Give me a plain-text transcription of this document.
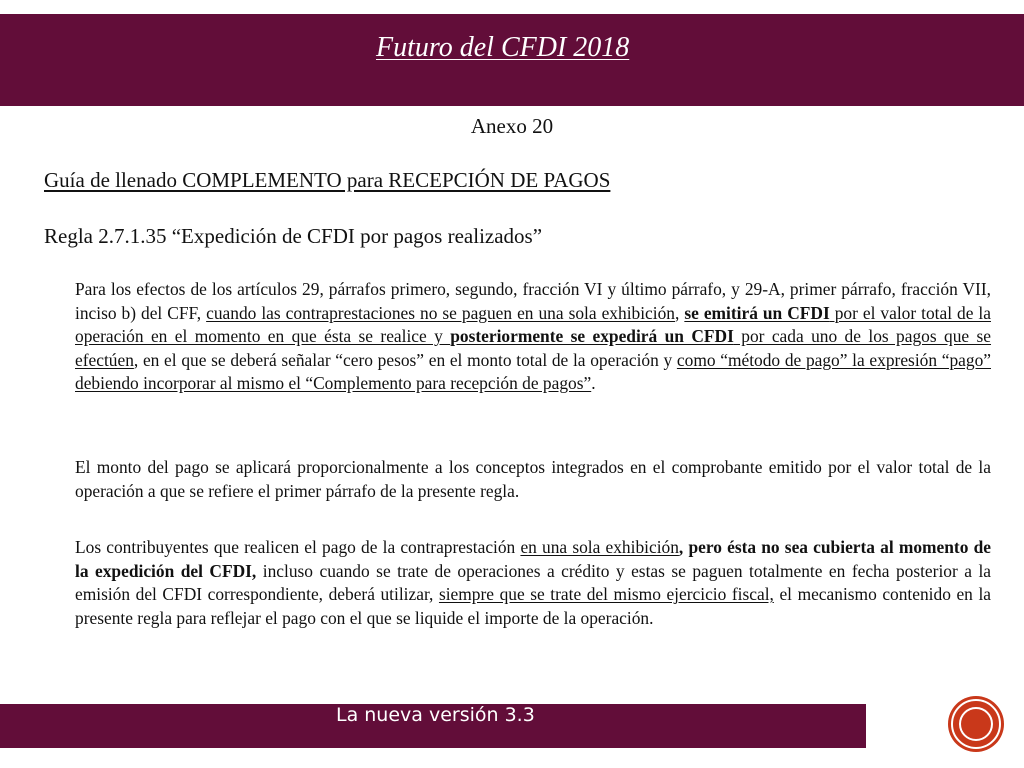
Futuro del CFDI 2018
Anexo 20
Guía de llenado COMPLEMENTO para RECEPCIÓN DE PAGOS
Regla 2.7.1.35 “Expedición de CFDI por pagos realizados”
Para los efectos de los artículos 29, párrafos primero, segundo, fracción VI y último párrafo, y 29-A, primer párrafo, fracción VII, inciso b) del CFF, cuando las contraprestaciones no se paguen en una sola exhibición, se emitirá un CFDI por el valor total de la operación en el momento en que ésta se realice y posteriormente se expedirá un CFDI por cada uno de los pagos que se efectúen, en el que se deberá señalar “cero pesos” en el monto total de la operación y como “método de pago” la expresión “pago” debiendo incorporar al mismo el “Complemento para recepción de pagos”.
El monto del pago se aplicará proporcionalmente a los conceptos integrados en el comprobante emitido por el valor total de la operación a que se refiere el primer párrafo de la presente regla.
Los contribuyentes que realicen el pago de la contraprestación en una sola exhibición, pero ésta no sea cubierta al momento de la expedición del CFDI, incluso cuando se trate de operaciones a crédito y estas se paguen totalmente en fecha posterior a la emisión del CFDI correspondiente, deberá utilizar, siempre que se trate del mismo ejercicio fiscal, el mecanismo contenido en la presente regla para reflejar el pago con el que se liquide el importe de la operación.
La nueva versión 3.3
